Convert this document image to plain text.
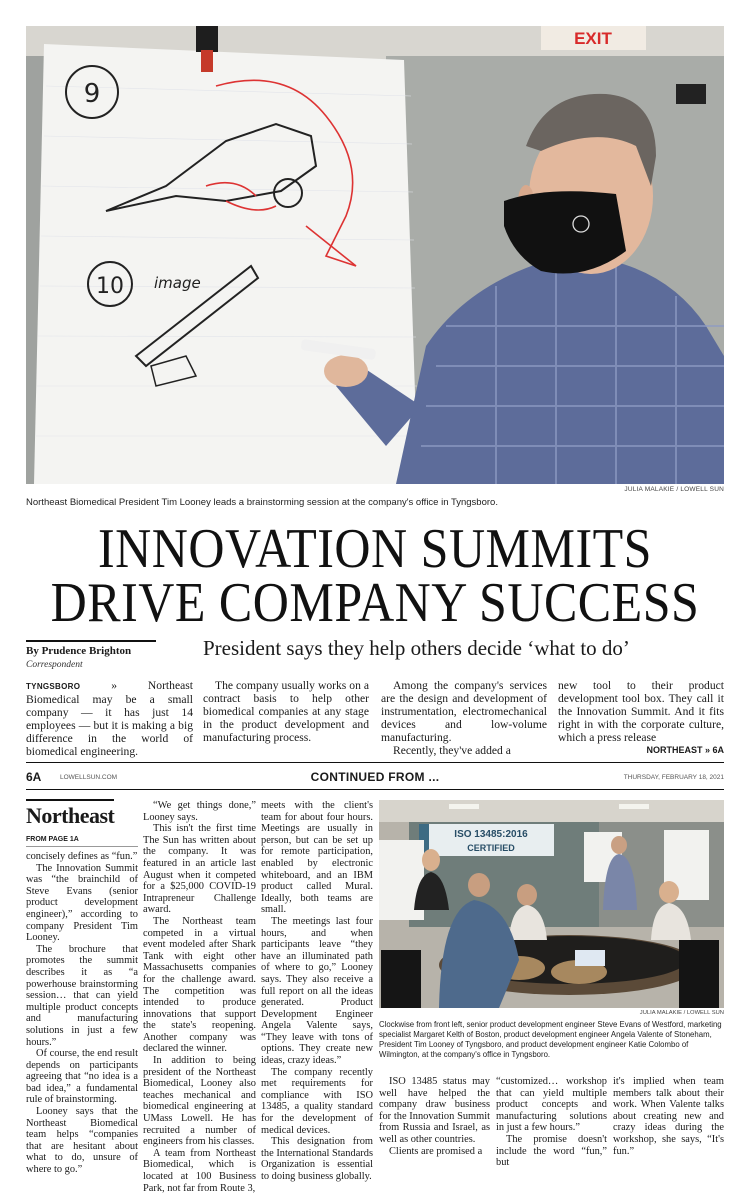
EXIT
9
10 image
JULIA MALAKIE / LOWELL SUN
Northeast Biomedical President Tim Looney leads a brainstorming session at the company's office in Tyngsboro.
INNOVATION SUMMITS
DRIVE COMPANY SUCCESS
By Prudence Brighton
Correspondent
President says they help others decide ‘what to do’

TYNGSBORO	» Northeast Biomedical may be a small company — it has just 14 employees — but it is making a big difference in the world of biomedical engineering.

The company usually works on a contract basis to help other biomedical companies at any stage in the product development and manufacturing process.

Among the company's services are the design and development of instrumentation, electromechanical devices and low-volume manufacturing.

Recently, they've added a

new tool to their product development tool box. They call it the Innovation Summit. And it fits right in with the corporate culture, which a press release

NORTHEAST » 6A
6A	LOWELLSUN.COM	CONTINUED FROM ...	THURSDAY, FEBRUARY 18, 2021
Northeast
FROM PAGE 1A

concisely defines as “fun.”

The Innovation Summit was “the brainchild of Steve Evans (senior product development engineer),” according to company President Tim Looney.

The brochure that promotes the summit describes it as “a powerhouse brainstorming session… that can yield multiple product concepts and manufacturing solutions in just a few hours.”

Of course, the end result depends on participants agreeing that “no idea is a bad idea,” a fundamental rule of brainstorming.

Looney says that the Northeast Biomedical team helps “companies that are hesitant about what to do, unsure of where to go.”

“We get things done,” Looney says.

This isn't the first time The Sun has written about the company. It was featured in an article last August when it competed for a $25,000 COVID-19 Intrapreneur Challenge award.

The Northeast team competed in a virtual event modeled after Shark Tank with eight other Massachusetts companies for the challenge award. The competition was intended to produce innovations that support the state's reopening. Another company was declared the winner.

In addition to being president of the Northeast Biomedical, Looney also teaches mechanical and biomedical engineering at UMass Lowell. He has recruited a number of engineers from his classes.

A team from Northeast Biomedical, which is located at 100 Business Park, not far from Route 3,

meets with the client's team for about four hours. Meetings are usually in person, but can be set up for remote participation, enabled by electronic whiteboard, and an IBM product called Mural. Ideally, both teams are small.

The meetings last four hours, and when participants leave “they have an illuminated path of where to go,” Looney says. They also receive a full report on all the ideas generated. Product Development Engineer Angela Valente says, “They leave with tons of options. They create new ideas, crazy ideas.”

The company recently met requirements for compliance with ISO 13485, a quality standard for the development of medical devices.

This designation from the International Standards Organization is essential to doing business globally.

ISO 13485:2016
CERTIFIED
JULIA MALAKIE / LOWELL SUN
Clockwise from front left, senior product development engineer Steve Evans of Westford, marketing specialist Margaret Kelth of Boston, product development engineer Angela Valente of Stoneham, President Tim Looney of Tyngsboro, and product development engineer Katie Colombo of Wilmington, at the company's office in Tyngsboro.

ISO 13485 status may well have helped the company draw business for the Innovation Summit from Russia and Israel, as well as other countries.

Clients are promised a

“customized… workshop that can yield multiple product concepts and manufacturing solutions in just a few hours.”

The promise doesn't include the word “fun,” but

it's implied when team members talk about their work. When Valente talks about creating new and crazy ideas during the workshop, she says, “It's fun.”
